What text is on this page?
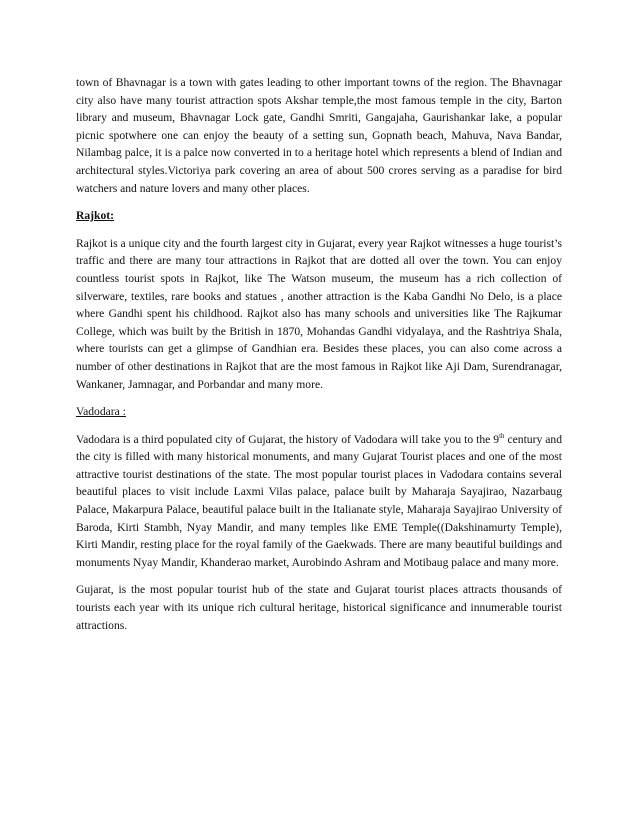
town of Bhavnagar is a town with gates leading to other important towns of the region. The Bhavnagar city also have many tourist attraction spots Akshar temple,the most famous temple in the city, Barton library and museum, Bhavnagar Lock gate, Gandhi Smriti, Gangajaha, Gaurishankar lake, a popular picnic spotwhere one can enjoy the beauty of a setting sun, Gopnath beach, Mahuva, Nava Bandar, Nilambag palce, it is a palce now converted in to a heritage hotel which represents a blend of Indian and architectural styles.Victoriya park covering an area of about 500 crores serving as a paradise for bird watchers and nature lovers and many other places.

Rajkot:

Rajkot is a unique city and the fourth largest city in Gujarat, every year Rajkot witnesses a huge tourist’s traffic and there are many tour attractions in Rajkot that are dotted all over the town. You can enjoy countless tourist spots in Rajkot, like The Watson museum, the museum has a rich collection of silverware, textiles, rare books and statues , another attraction is the Kaba Gandhi No Delo, is a place where Gandhi spent his childhood. Rajkot also has many schools and universities like The Rajkumar College, which was built by the British in 1870, Mohandas Gandhi vidyalaya, and the Rashtriya Shala, where tourists can get a glimpse of Gandhian era. Besides these places, you can also come across a number of other destinations in Rajkot that are the most famous in Rajkot like Aji Dam, Surendranagar, Wankaner, Jamnagar, and Porbandar and many more.

Vadodara :

Vadodara is a third populated city of Gujarat, the history of Vadodara will take you to the 9th century and the city is filled with many historical monuments, and many Gujarat Tourist places and one of the most attractive tourist destinations of the state. The most popular tourist places in Vadodara contains several beautiful places to visit include Laxmi Vilas palace, palace built by Maharaja Sayajirao, Nazarbaug Palace, Makarpura Palace, beautiful palace built in the Italianate style, Maharaja Sayajirao University of Baroda, Kirti Stambh, Nyay Mandir, and many temples like EME Temple((Dakshinamurty Temple), Kirti Mandir, resting place for the royal family of the Gaekwads. There are many beautiful buildings and monuments Nyay Mandir, Khanderao market, Aurobindo Ashram and Motibaug palace and many more.

Gujarat, is the most popular tourist hub of the state and Gujarat tourist places attracts thousands of tourists each year with its unique rich cultural heritage, historical significance and innumerable tourist attractions.
